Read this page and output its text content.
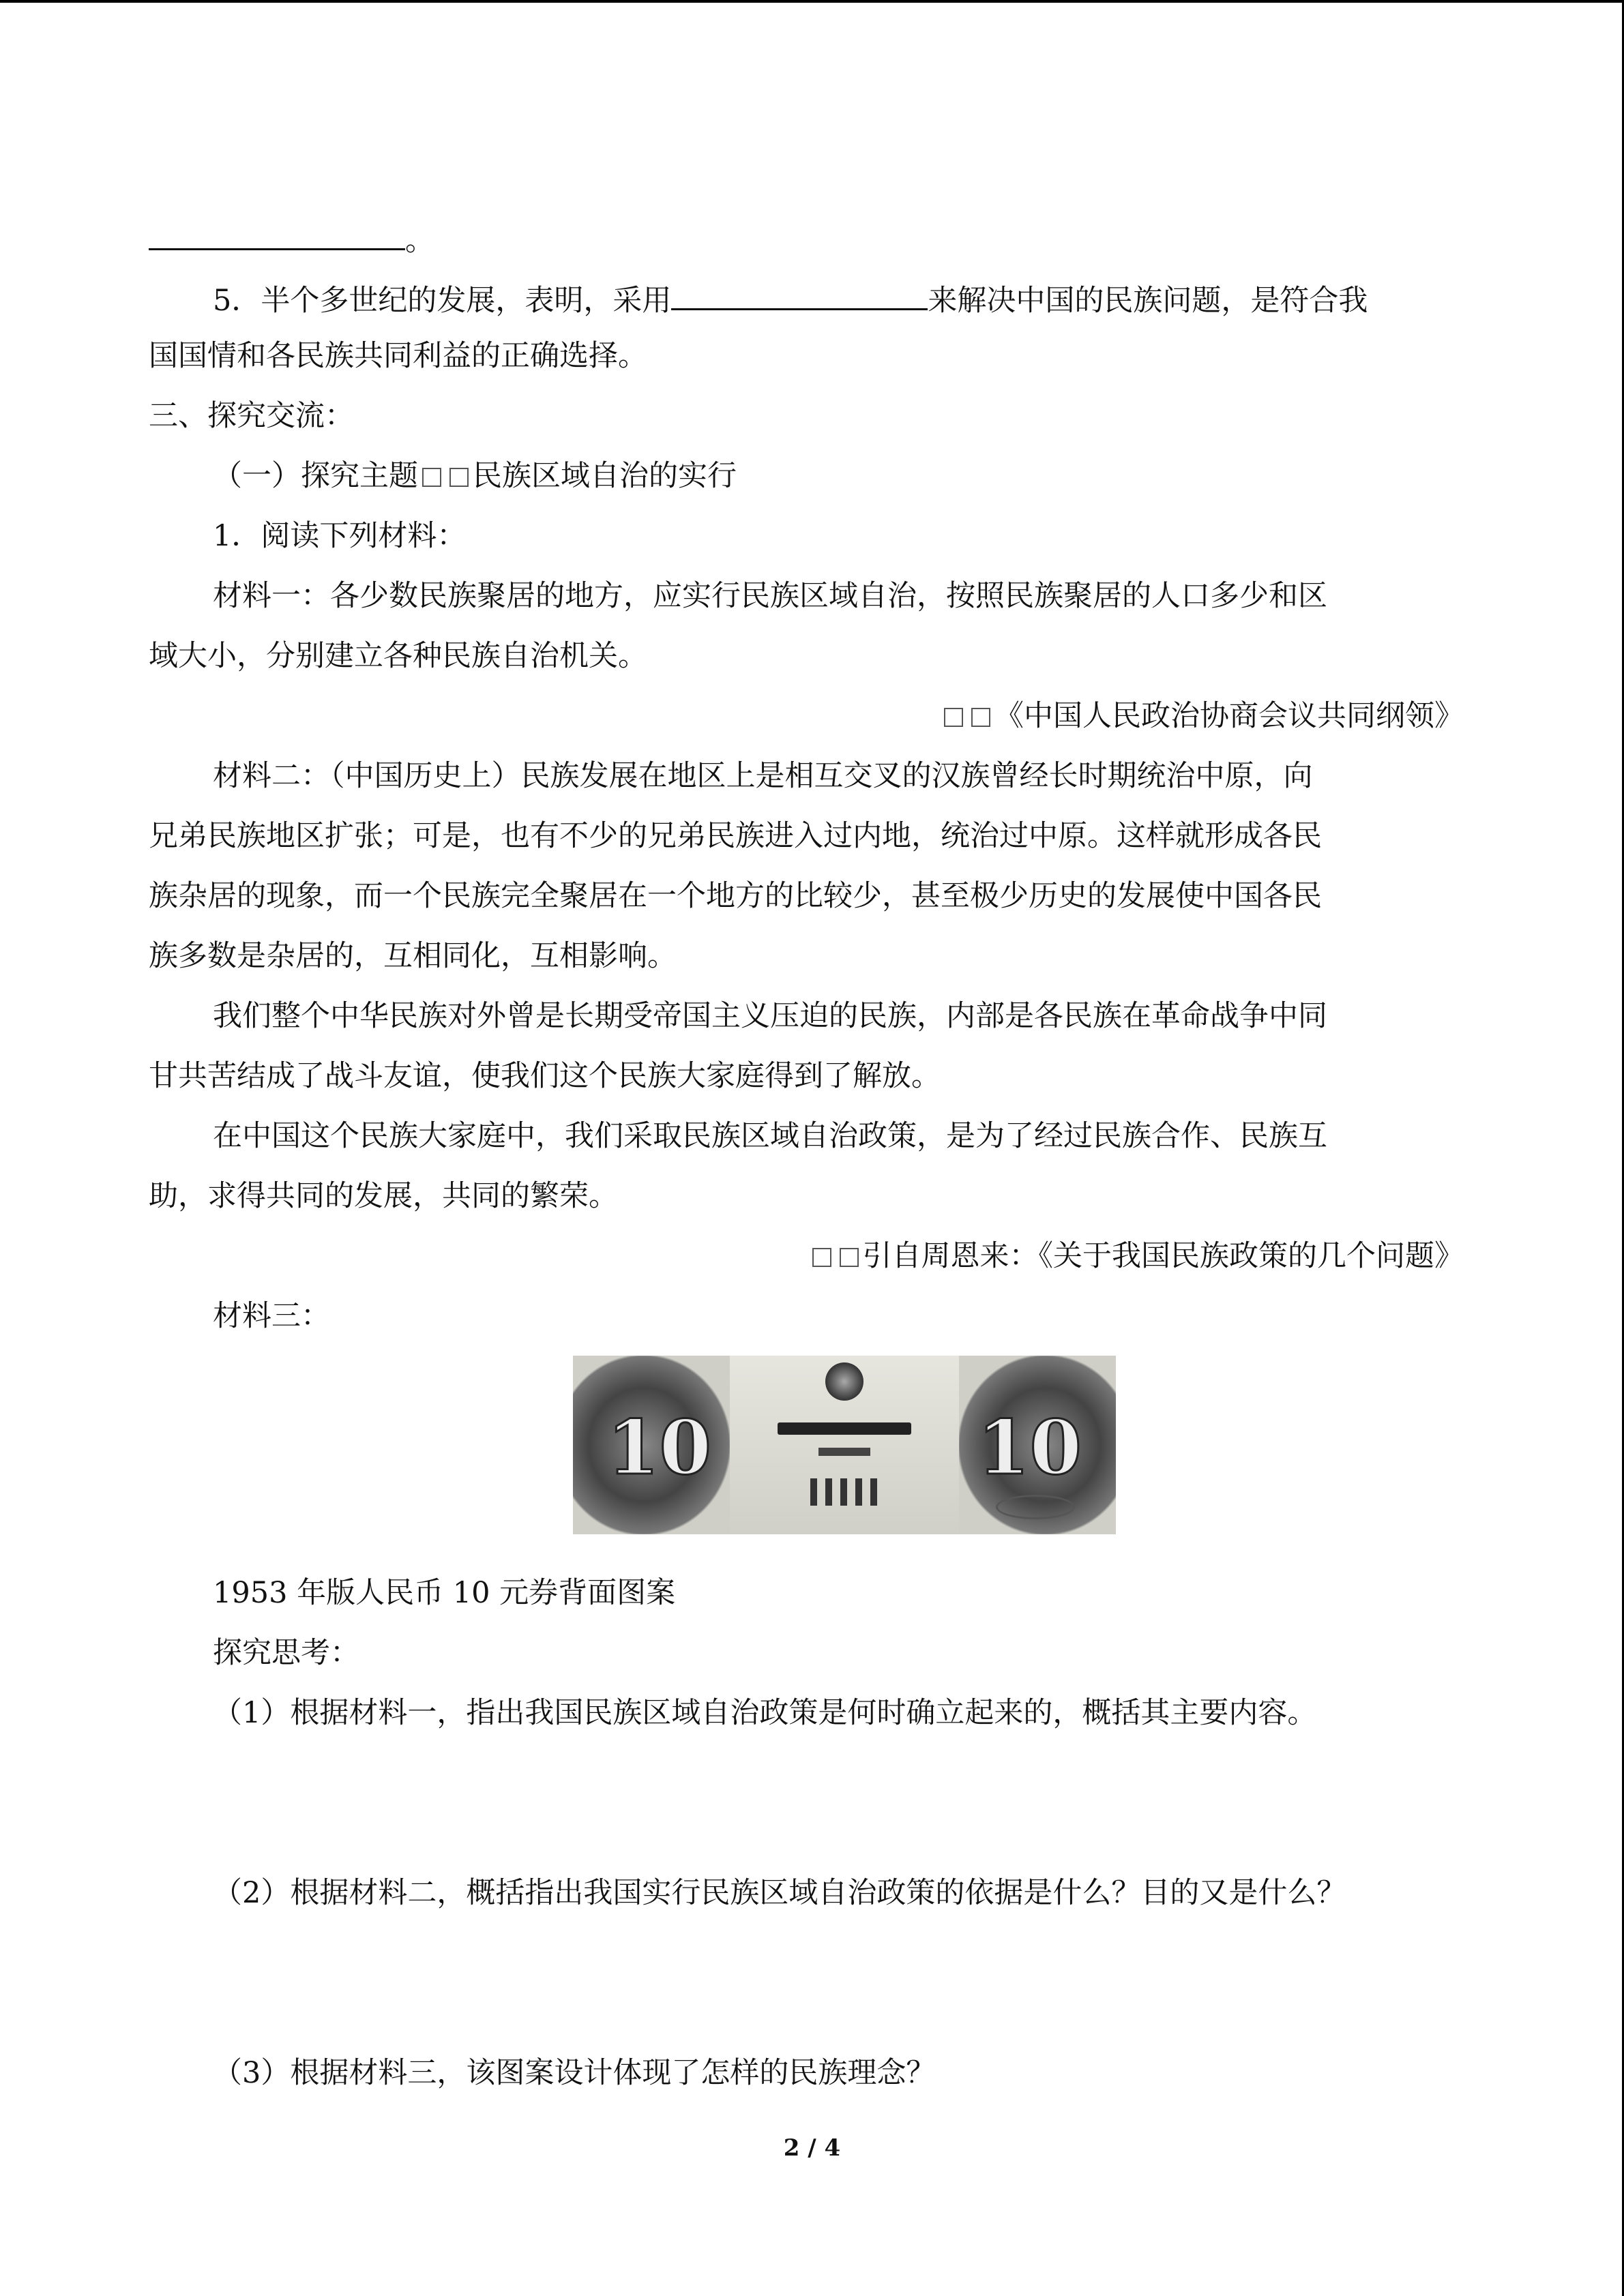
。
5．半个多世纪的发展，表明，采用	来解决中国的民族问题，是符合我
国国情和各民族共同利益的正确选择。
三、探究交流：
（一）探究主题 民族区域自治的实行
1．阅读下列材料：
材料一：各少数民族聚居的地方，应实行民族区域自治，按照民族聚居的人口多少和区
域大小，分别建立各种民族自治机关。
《中国人民政治协商会议共同纲领》
材料二：（中国历史上）民族发展在地区上是相互交叉的汉族曾经长时期统治中原，向
兄弟民族地区扩张；可是，也有不少的兄弟民族进入过内地，统治过中原。这样就形成各民
族杂居的现象，而一个民族完全聚居在一个地方的比较少，甚至极少历史的发展使中国各民
族多数是杂居的，互相同化，互相影响。
我们整个中华民族对外曾是长期受帝国主义压迫的民族，内部是各民族在革命战争中同
甘共苦结成了战斗友谊，使我们这个民族大家庭得到了解放。
在中国这个民族大家庭中，我们采取民族区域自治政策，是为了经过民族合作、民族互
助，求得共同的发展，共同的繁荣。
引自周恩来：《关于我国民族政策的几个问题》
材料三：
10	10
1953 年版人民币 10 元券背面图案
探究思考：
（1）根据材料一，指出我国民族区域自治政策是何时确立起来的，概括其主要内容。
（2）根据材料二，概括指出我国实行民族区域自治政策的依据是什么？目的又是什么？
（3）根据材料三，该图案设计体现了怎样的民族理念？
2 / 4
